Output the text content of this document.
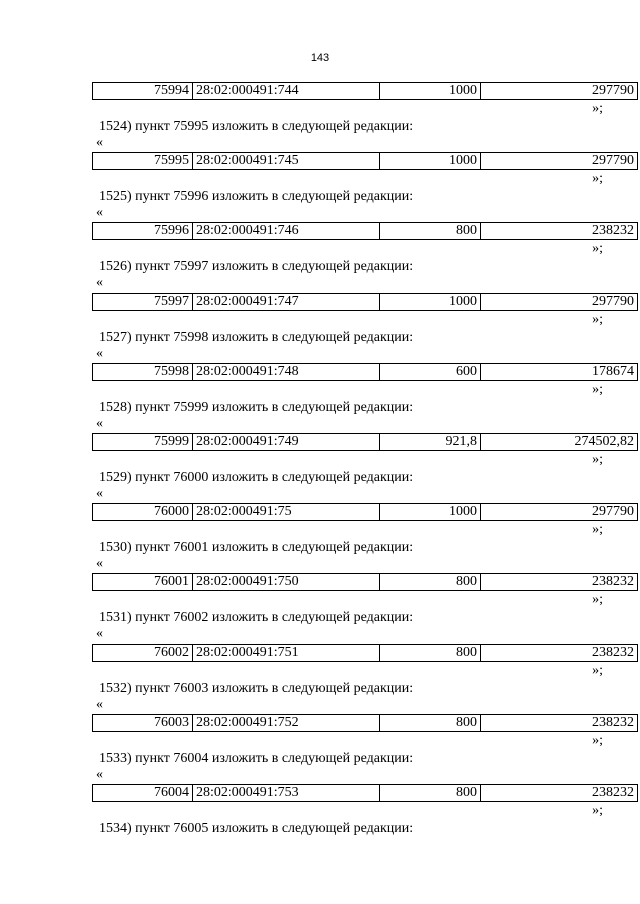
143
75994	28:02:000491:744	1000	297790
»;
1524) пункт 75995 изложить в следующей редакции:
«
75995	28:02:000491:745	1000	297790
»;
1525) пункт 75996 изложить в следующей редакции:
«
75996	28:02:000491:746	800	238232
»;
1526) пункт 75997 изложить в следующей редакции:
«
75997	28:02:000491:747	1000	297790
»;
1527) пункт 75998 изложить в следующей редакции:
«
75998	28:02:000491:748	600	178674
»;
1528) пункт 75999 изложить в следующей редакции:
«
75999	28:02:000491:749	921,8	274502,82
»;
1529) пункт 76000 изложить в следующей редакции:
«
76000	28:02:000491:75	1000	297790
»;
1530) пункт 76001 изложить в следующей редакции:
«
76001	28:02:000491:750	800	238232
»;
1531) пункт 76002 изложить в следующей редакции:
«
76002	28:02:000491:751	800	238232
»;
1532) пункт 76003 изложить в следующей редакции:
«
76003	28:02:000491:752	800	238232
»;
1533) пункт 76004 изложить в следующей редакции:
«
76004	28:02:000491:753	800	238232
»;
1534) пункт 76005 изложить в следующей редакции:
